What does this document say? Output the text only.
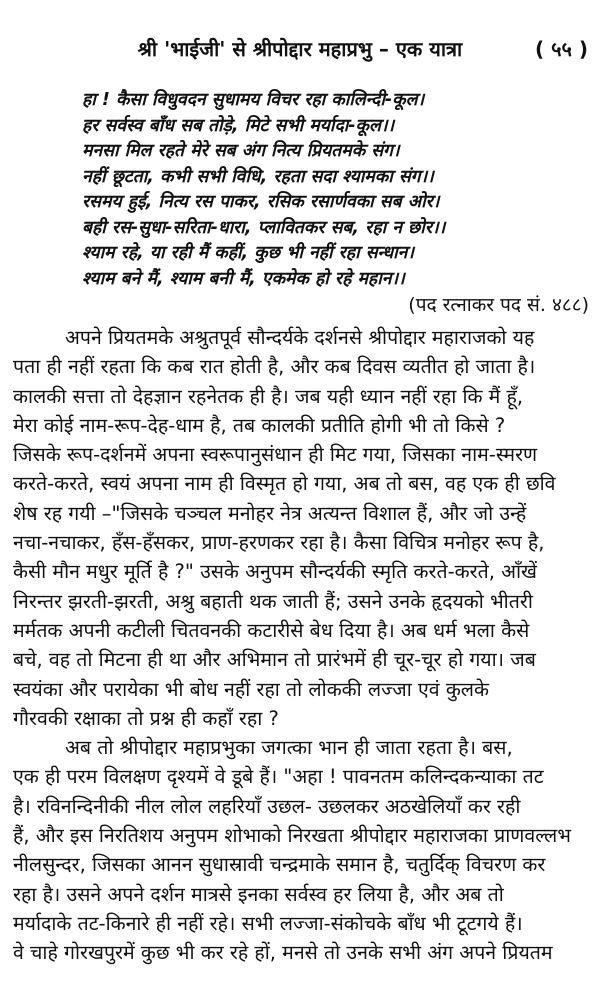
श्री 'भाईजी' से श्रीपोद्दार महाप्रभु – एक यात्रा	( ५५ )
हा ! कैसा विधुवदन सुधामय विचर रहा कालिन्दी-कूल।
हर सर्वस्व बाँध सब तोड़े, मिटे सभी मर्यादा-कूल।।
मनसा मिल रहते मेरे सब अंग नित्य प्रियतमके संग।
नहीं छूटता, कभी सभी विधि, रहता सदा श्यामका संग।।
रसमय हुई, नित्य रस पाकर, रसिक रसार्णवका सब ओर।
बही रस-सुधा-सरिता-धारा, प्लावितकर सब, रहा न छोर।।
श्याम रहे, या रही मैं कहीं, कुछ भी नहीं रहा सन्धान।
श्याम बने मैं, श्याम बनी मैं, एकमेक हो रहे महान।।
(पद रत्नाकर पद सं. ४८८)
अपने प्रियतमके अश्रुतपूर्व सौन्दर्यके दर्शनसे श्रीपोद्दार महाराजको यह
पता ही नहीं रहता कि कब रात होती है, और कब दिवस व्यतीत हो जाता है।
कालकी सत्ता तो देहज्ञान रहनेतक ही है। जब यही ध्यान नहीं रहा कि मैं हूँ,
मेरा कोई नाम-रूप-देह-धाम है, तब कालकी प्रतीति होगी भी तो किसे ?
जिसके रूप-दर्शनमें अपना स्वरूपानुसंधान ही मिट गया, जिसका नाम-स्मरण
करते-करते, स्वयं अपना नाम ही विस्मृत हो गया, अब तो बस, वह एक ही छवि
शेष रह गयी –"जिसके चञ्चल मनोहर नेत्र अत्यन्त विशाल हैं, और जो उन्हें
नचा-नचाकर, हँस-हँसकर, प्राण-हरणकर रहा है। कैसा विचित्र मनोहर रूप है,
कैसी मौन मधुर मूर्ति है ?" उसके अनुपम सौन्दर्यकी स्मृति करते-करते, आँखें
निरन्तर झरती-झरती, अश्रु बहाती थक जाती हैं; उसने उनके हृदयको भीतरी
मर्मतक अपनी कटीली चितवनकी कटारीसे बेध दिया है। अब धर्म भला कैसे
बचे, वह तो मिटना ही था और अभिमान तो प्रारंभमें ही चूर-चूर हो गया। जब
स्वयंका और परायेका भी बोध नहीं रहा तो लोककी लज्जा एवं कुलके
गौरवकी रक्षाका तो प्रश्न ही कहाँ रहा ?
अब तो श्रीपोद्दार महाप्रभुका जगत्का भान ही जाता रहता है। बस,
एक ही परम विलक्षण दृश्यमें वे डूबे हैं। "अहा ! पावनतम कलिन्दकन्याका तट
है। रविनन्दिनीकी नील लोल लहरियाँ उछल- उछलकर अठखेलियाँ कर रही
हैं, और इस निरतिशय अनुपम शोभाको निरखता श्रीपोद्दार महाराजका प्राणवल्लभ
नीलसुन्दर, जिसका आनन सुधास्रावी चन्द्रमाके समान है, चतुर्दिक् विचरण कर
रहा है। उसने अपने दर्शन मात्रसे इनका सर्वस्व हर लिया है, और अब तो
मर्यादाके तट-किनारे ही नहीं रहे। सभी लज्जा-संकोचके बाँध भी टूटगये हैं।
वे चाहे गोरखपुरमें कुछ भी कर रहे हों, मनसे तो उनके सभी अंग अपने प्रियतम
